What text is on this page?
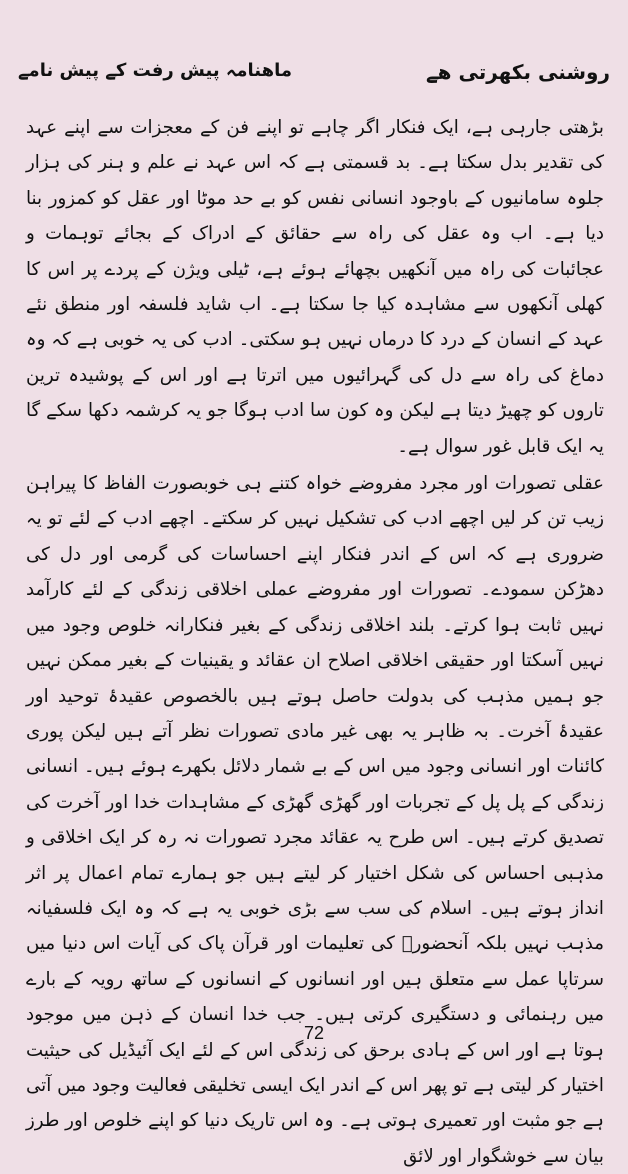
روشنی بکھرتی ھے
ماھنامہ پیش رفت کے پیش نامے

بڑھتی جارہی ہے، ایک فنکار اگر چاہے تو اپنے فن کے معجزات سے اپنے عہد کی تقدیر بدل سکتا ہے۔ بد قسمتی ہے کہ اس عہد نے علم و ہنر کی ہزار جلوہ سامانیوں کے باوجود انسانی نفس کو بے حد موٹا اور عقل کو کمزور بنا دیا ہے۔ اب وہ عقل کی راہ سے حقائق کے ادراک کے بجائے توہمات و عجائبات کی راہ میں آنکھیں بچھائے ہوئے ہے، ٹیلی ویژن کے پردے پر اس کا کھلی آنکھوں سے مشاہدہ کیا جا سکتا ہے۔ اب شاید فلسفہ اور منطق نئے عہد کے انسان کے درد کا درماں نہیں ہو سکتی۔ ادب کی یہ خوبی ہے کہ وہ دماغ کی راہ سے دل کی گہرائیوں میں اترتا ہے اور اس کے پوشیدہ ترین تاروں کو چھیڑ دیتا ہے لیکن وہ کون سا ادب ہوگا جو یہ کرشمہ دکھا سکے گا یہ ایک قابل غور سوال ہے۔

عقلی تصورات اور مجرد مفروضے خواہ کتنے ہی خوبصورت الفاظ کا پیراہن زیب تن کر لیں اچھے ادب کی تشکیل نہیں کر سکتے۔ اچھے ادب کے لئے تو یہ ضروری ہے کہ اس کے اندر فنکار اپنے احساسات کی گرمی اور دل کی دھڑکن سمودے۔ تصورات اور مفروضے عملی اخلاقی زندگی کے لئے کارآمد نہیں ثابت ہوا کرتے۔ بلند اخلاقی زندگی کے بغیر فنکارانہ خلوص وجود میں نہیں آسکتا اور حقیقی اخلاقی اصلاح ان عقائد و یقینیات کے بغیر ممکن نہیں جو ہمیں مذہب کی بدولت حاصل ہوتے ہیں بالخصوص عقیدۂ توحید اور عقیدۂ آخرت۔ بہ ظاہر یہ بھی غیر مادی تصورات نظر آتے ہیں لیکن پوری کائنات اور انسانی وجود میں اس کے بے شمار دلائل بکھرے ہوئے ہیں۔ انسانی زندگی کے پل پل کے تجربات اور گھڑی گھڑی کے مشاہدات خدا اور آخرت کی تصدیق کرتے ہیں۔ اس طرح یہ عقائد مجرد تصورات نہ رہ کر ایک اخلاقی و مذہبی احساس کی شکل اختیار کر لیتے ہیں جو ہمارے تمام اعمال پر اثر انداز ہوتے ہیں۔ اسلام کی سب سے بڑی خوبی یہ ہے کہ وہ ایک فلسفیانہ مذہب نہیں بلکہ آنحضورؐ کی تعلیمات اور قرآن پاک کی آیات اس دنیا میں سرتاپا عمل سے متعلق ہیں اور انسانوں کے انسانوں کے ساتھ رویہ کے بارے میں رہنمائی و دستگیری کرتی ہیں۔ جب خدا انسان کے ذہن میں موجود ہوتا ہے اور اس کے ہادی برحق کی زندگی اس کے لئے ایک آئیڈیل کی حیثیت اختیار کر لیتی ہے تو پھر اس کے اندر ایک ایسی تخلیقی فعالیت وجود میں آتی ہے جو مثبت اور تعمیری ہوتی ہے۔ وہ اس تاریک دنیا کو اپنے خلوص اور طرز بیان سے خوشگوار اور لائق

72
